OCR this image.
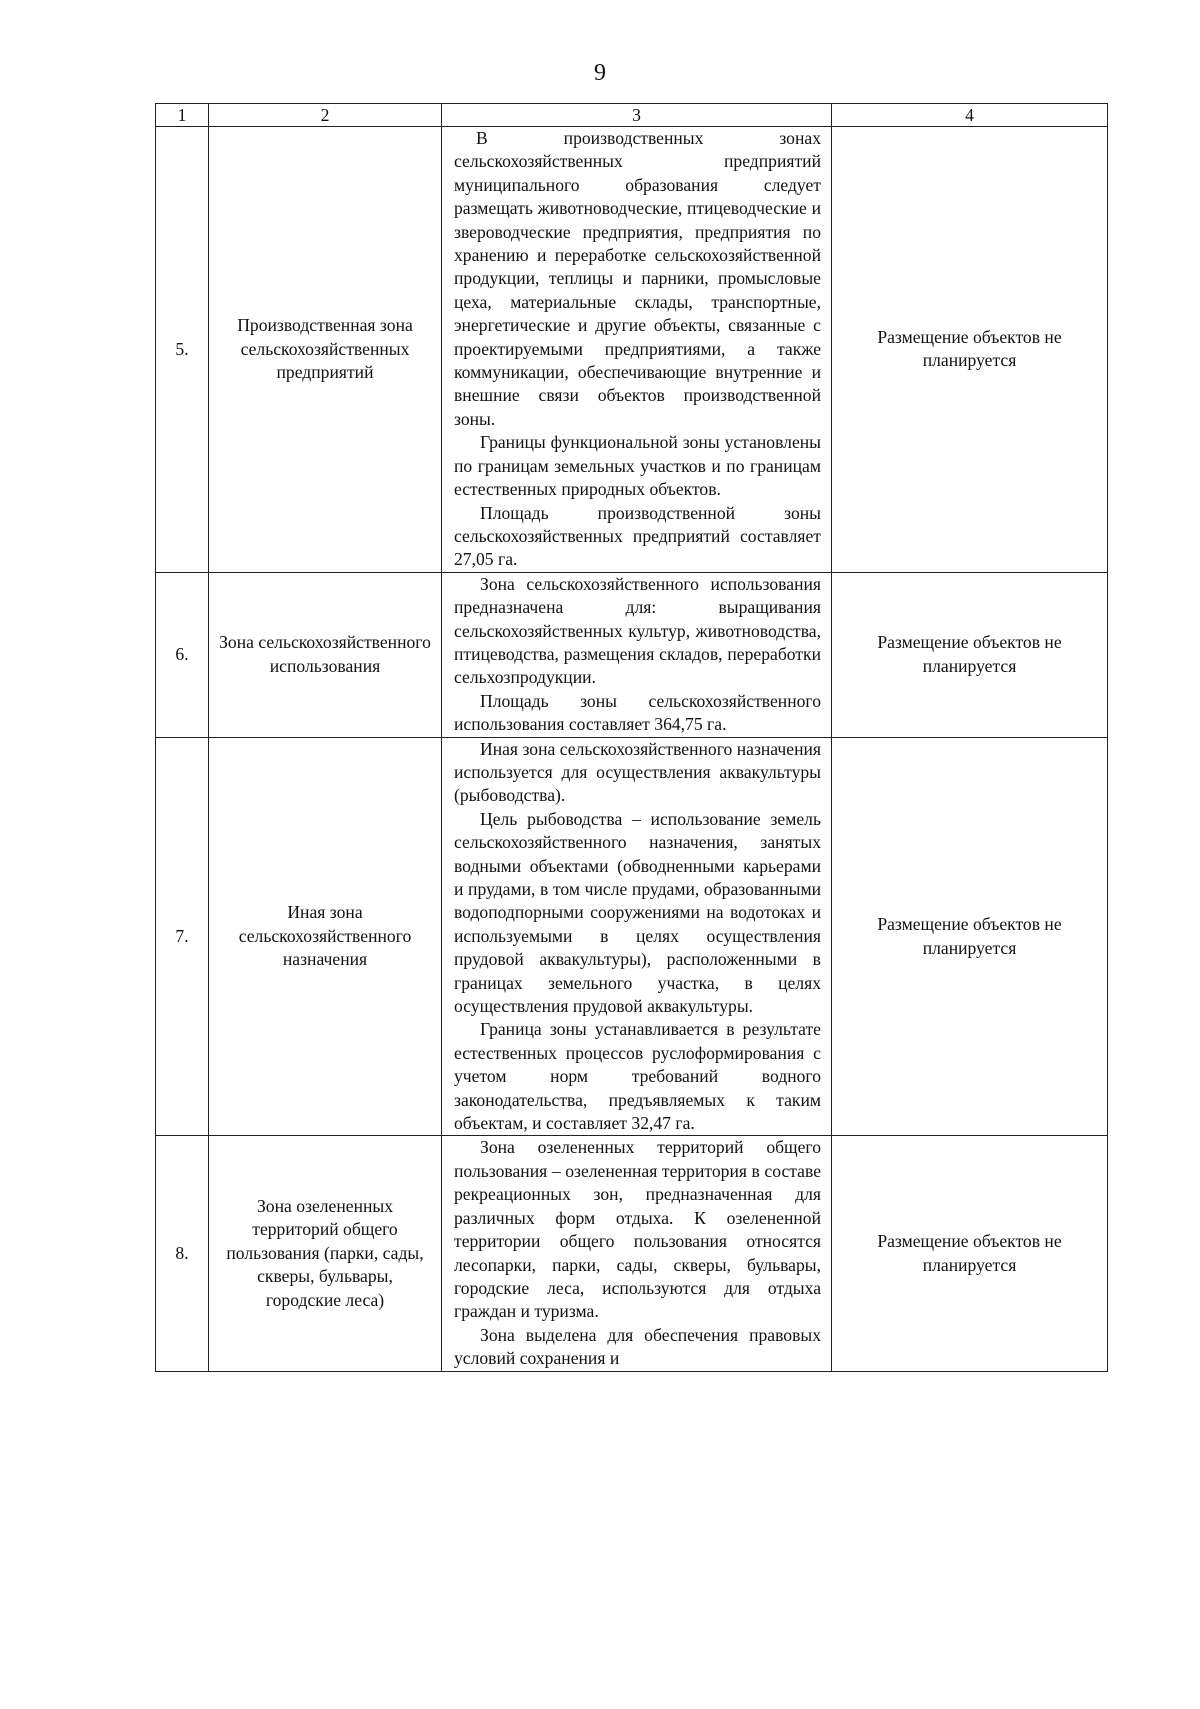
9
1	2	3	4
5.	Производственная зона сельскохозяйственных предприятий	В производственных зонах сельскохозяйственных предприятий муниципального образования следует размещать животноводческие, птицеводческие и звероводческие предприятия, предприятия по хранению и переработке сельскохозяйственной продукции, теплицы и парники, промысловые цеха, материальные склады, транспортные, энергетические и другие объекты, связанные с проектируемыми предприятиями, а также коммуникации, обеспечивающие внутренние и внешние связи объектов производственной зоны.

Границы функциональной зоны установлены по границам земельных участков и по границам естественных природных объектов.

Площадь производственной зоны сельскохозяйственных предприятий составляет 27,05 га.	Размещение объектов не планируется
6.	Зона сельскохозяйственного использования	Зона сельскохозяйственного использования предназначена для: выращивания сельскохозяйственных культур, животноводства, птицеводства, размещения складов, переработки сельхозпродукции.

Площадь зоны сельскохозяйственного использования составляет 364,75 га.	Размещение объектов не планируется
7.	Иная зона сельскохозяйственного назначения	Иная зона сельскохозяйственного назначения используется для осуществления аквакультуры (рыбоводства).

Цель рыбоводства – использование земель сельскохозяйственного назначения, занятых водными объектами (обводненными карьерами и прудами, в том числе прудами, образованными водоподпорными сооружениями на водотоках и используемыми в целях осуществления прудовой аквакультуры), расположенными в границах земельного участка, в целях осуществления прудовой аквакультуры.

Граница зоны устанавливается в результате естественных процессов руслоформирования с учетом норм требований водного законодательства, предъявляемых к таким объектам, и составляет 32,47 га.	Размещение объектов не планируется
8.	Зона озелененных территорий общего пользования (парки, сады, скверы, бульвары, городские леса)	Зона озелененных территорий общего пользования – озелененная территория в составе рекреационных зон, предназначенная для различных форм отдыха. К озелененной территории общего пользования относятся лесопарки, парки, сады, скверы, бульвары, городские леса, используются для отдыха граждан и туризма.

Зона выделена для обеспечения правовых условий сохранения и	Размещение объектов не планируется
